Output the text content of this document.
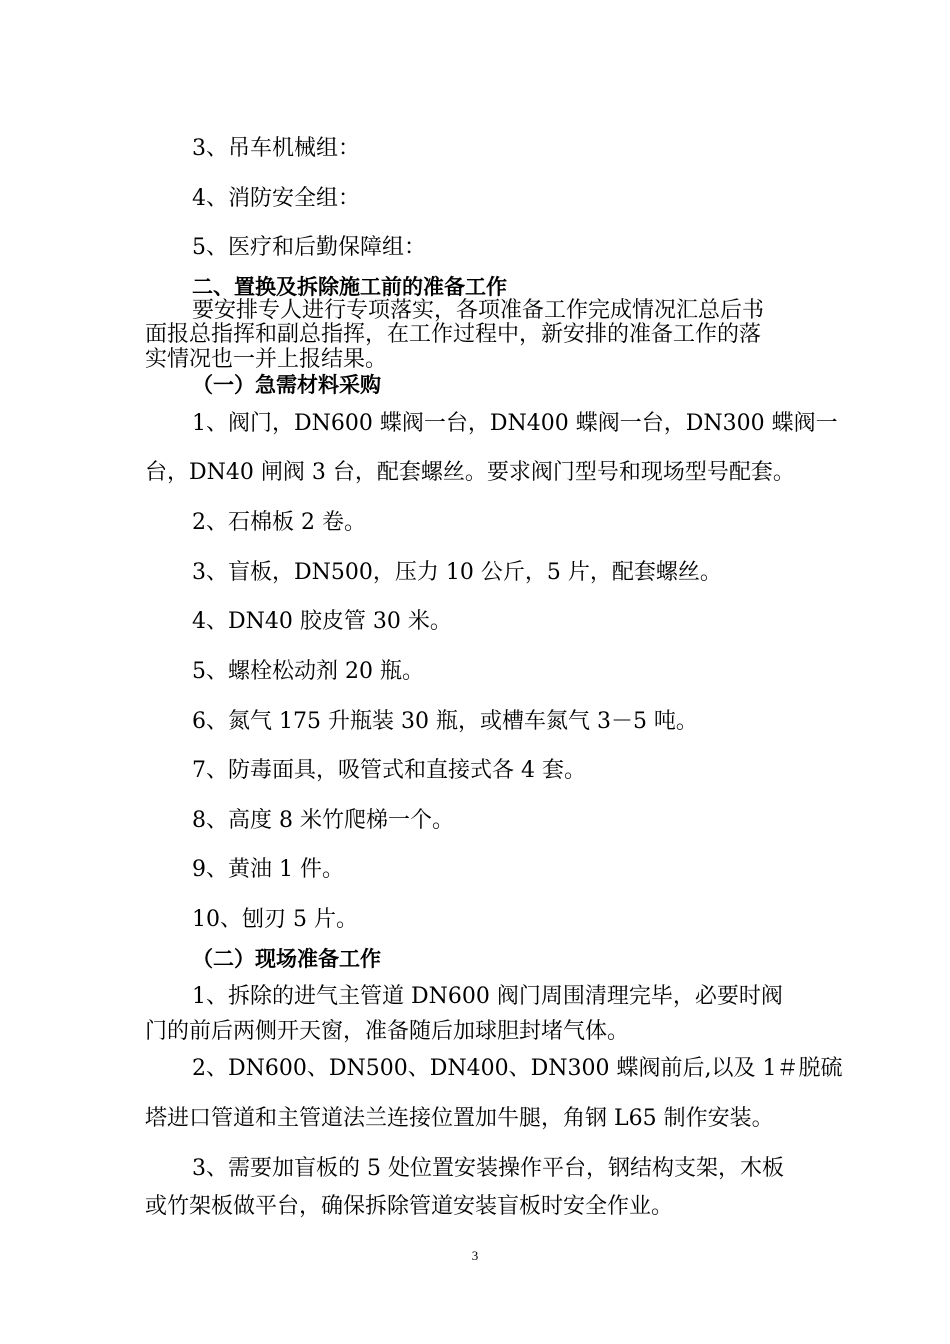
3、吊车机械组：
4、消防安全组：
5、医疗和后勤保障组：
二、置换及拆除施工前的准备工作
要安排专人进行专项落实，各项准备工作完成情况汇总后书
面报总指挥和副总指挥，在工作过程中，新安排的准备工作的落
实情况也一并上报结果。
（一）急需材料采购
1、阀门，DN600 蝶阀一台，DN400 蝶阀一台，DN300 蝶阀一
台，DN40 闸阀 3 台，配套螺丝。要求阀门型号和现场型号配套。
2、石棉板 2 卷。
3、盲板，DN500，压力 10 公斤，5 片，配套螺丝。
4、DN40 胶皮管 30 米。
5、螺栓松动剂 20 瓶。
6、氮气 175 升瓶装 30 瓶，或槽车氮气 3－5 吨。
7、防毒面具，吸管式和直接式各 4 套。
8、高度 8 米竹爬梯一个。
9、黄油 1 件。
10、刨刃 5 片。
（二）现场准备工作
1、拆除的进气主管道 DN600 阀门周围清理完毕，必要时阀
门的前后两侧开天窗，准备随后加球胆封堵气体。
2、DN600、DN500、DN400、DN300 蝶阀前后,以及 1＃脱硫
塔进口管道和主管道法兰连接位置加牛腿，角钢 L65 制作安装。
3、需要加盲板的 5 处位置安装操作平台，钢结构支架，木板
或竹架板做平台，确保拆除管道安装盲板时安全作业。
3
